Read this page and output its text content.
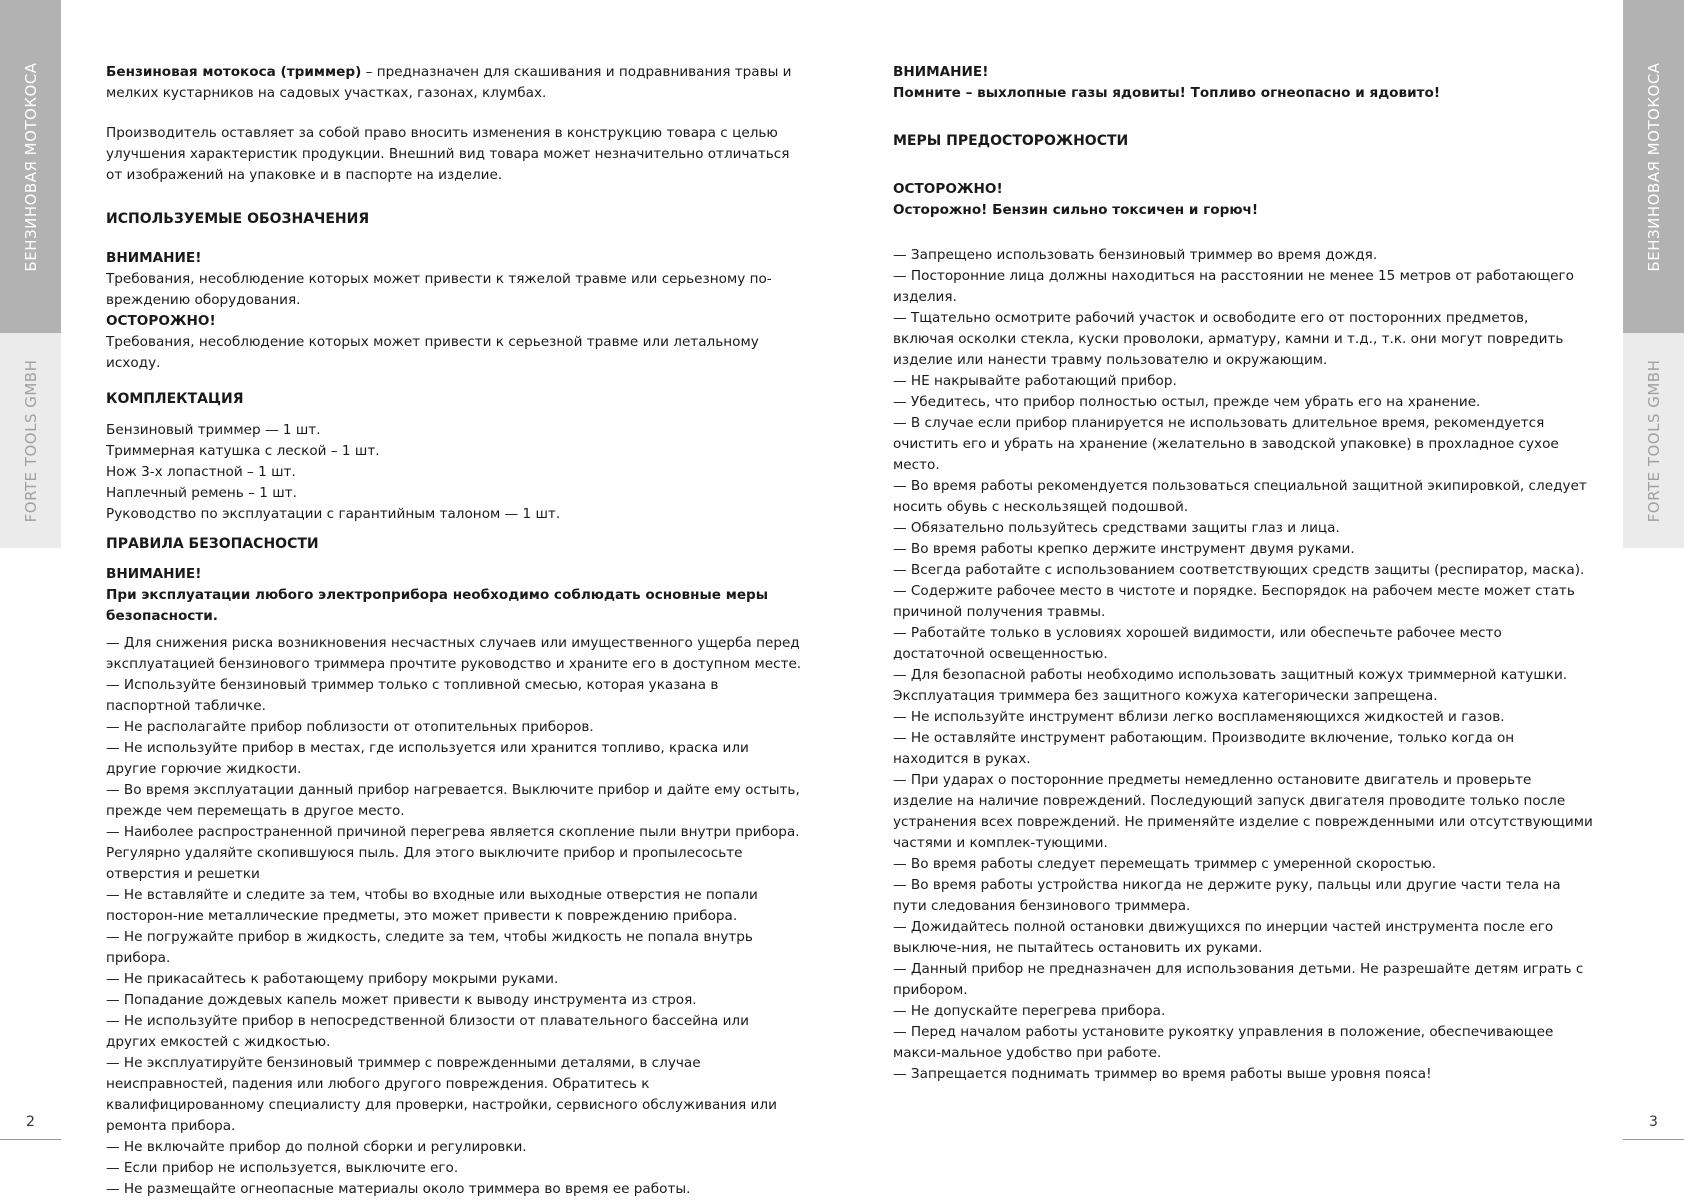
БЕНЗИНОВАЯ МОТОКОСА
FORTE TOOLS GMBH
2
БЕНЗИНОВАЯ МОТОКОСА
FORTE TOOLS GMBH
3

Бензиновая мотокоса (триммер) – предназначен для скашивания и подравнивания травы и мелких кустарников на садовых участках, газонах, клумбах.

Производитель оставляет за собой право вносить изменения в конструкцию товара с целью улучшения характеристик продукции. Внешний вид товара может незначительно отличаться от изображений на упаковке и в паспорте на изделие.

ИСПОЛЬЗУЕМЫЕ ОБОЗНАЧЕНИЯ

ВНИМАНИЕ!

Требования, несоблюдение которых может привести к тяжелой травме или серьезному по-вреждению оборудования.

ОСТОРОЖНО!

Требования, несоблюдение которых может привести к серьезной травме или летальному исходу.

КОМПЛЕКТАЦИЯ

Бензиновый триммер — 1 шт.
Триммерная катушка с леской – 1 шт.
Нож 3-х лопастной – 1 шт.
Наплечный ремень – 1 шт.
Руководство по эксплуатации с гарантийным талоном — 1 шт.

ПРАВИЛА БЕЗОПАСНОСТИ

ВНИМАНИЕ!

При эксплуатации любого электроприбора необходимо соблюдать основные меры безопасности.

— Для снижения риска возникновения несчастных случаев или имущественного ущерба перед эксплуатацией бензинового триммера прочтите руководство и храните его в доступном месте.
— Используйте бензиновый триммер только с топливной смесью, которая указана в паспортной табличке.
— Не располагайте прибор поблизости от отопительных приборов.
— Не используйте прибор в местах, где используется или хранится топливо, краска или другие горючие жидкости.
— Во время эксплуатации данный прибор нагревается. Выключите прибор и дайте ему остыть, прежде чем перемещать в другое место.
— Наиболее распространенной причиной перегрева является скопление пыли внутри прибора. Регулярно удаляйте скопившуюся пыль. Для этого выключите прибор и пропылесосьте отверстия и решетки
— Не вставляйте и следите за тем, чтобы во входные или выходные отверстия не попали посторон-ние металлические предметы, это может привести к повреждению прибора.
— Не погружайте прибор в жидкость, следите за тем, чтобы жидкость не попала внутрь прибора.
— Не прикасайтесь к работающему прибору мокрыми руками.
— Попадание дождевых капель может привести к выводу инструмента из строя.
— Не используйте прибор в непосредственной близости от плавательного бассейна или других емкостей с жидкостью.
— Не эксплуатируйте бензиновый триммер с поврежденными деталями, в случае неисправностей, падения или любого другого повреждения. Обратитесь к квалифицированному специалисту для проверки, настройки, сервисного обслуживания или ремонта прибора.
— Не включайте прибор до полной сборки и регулировки.
— Если прибор не используется, выключите его.
— Не размещайте огнеопасные материалы около триммера во время ее работы.

ВНИМАНИЕ!

Помните – выхлопные газы ядовиты! Топливо огнеопасно и ядовито!

МЕРЫ ПРЕДОСТОРОЖНОСТИ

ОСТОРОЖНО!

Осторожно! Бензин сильно токсичен и горюч!

— Запрещено использовать бензиновый триммер во время дождя.
— Посторонние лица должны находиться на расстоянии не менее 15 метров от работающего изделия.
— Тщательно осмотрите рабочий участок и освободите его от посторонних предметов, включая осколки стекла, куски проволоки, арматуру, камни и т.д., т.к. они могут повредить изделие или нанести травму пользователю и окружающим.
— НЕ накрывайте работающий прибор.
— Убедитесь, что прибор полностью остыл, прежде чем убрать его на хранение.
— В случае если прибор планируется не использовать длительное время, рекомендуется очистить его и убрать на хранение (желательно в заводской упаковке) в прохладное сухое место.
— Во время работы рекомендуется пользоваться специальной защитной экипировкой, следует носить обувь с нескользящей подошвой.
— Обязательно пользуйтесь средствами защиты глаз и лица.
— Во время работы крепко держите инструмент двумя руками.
— Всегда работайте с использованием соответствующих средств защиты (респиратор, маска).
— Содержите рабочее место в чистоте и порядке. Беспорядок на рабочем месте может стать причиной получения травмы.
— Работайте только в условиях хорошей видимости, или обеспечьте рабочее место достаточной освещенностью.
— Для безопасной работы необходимо использовать защитный кожух триммерной катушки. Эксплуатация триммера без защитного кожуха категорически запрещена.
— Не используйте инструмент вблизи легко воспламеняющихся жидкостей и газов.
— Не оставляйте инструмент работающим. Производите включение, только когда он находится в руках.
— При ударах о посторонние предметы немедленно остановите двигатель и проверьте изделие на наличие повреждений. Последующий запуск двигателя проводите только после устранения всех повреждений. Не применяйте изделие с поврежденными или отсутствующими частями и комплек-тующими.
— Во время работы следует перемещать триммер с умеренной скоростью.
— Во время работы устройства никогда не держите руку, пальцы или другие части тела на пути следования бензинового триммера.
— Дожидайтесь полной остановки движущихся по инерции частей инструмента после его выключе-ния, не пытайтесь остановить их руками.
— Данный прибор не предназначен для использования детьми. Не разрешайте детям играть с прибором.
— Не допускайте перегрева прибора.
— Перед началом работы установите рукоятку управления в положение, обеспечивающее макси-мальное удобство при работе.
— Запрещается поднимать триммер во время работы выше уровня пояса!
